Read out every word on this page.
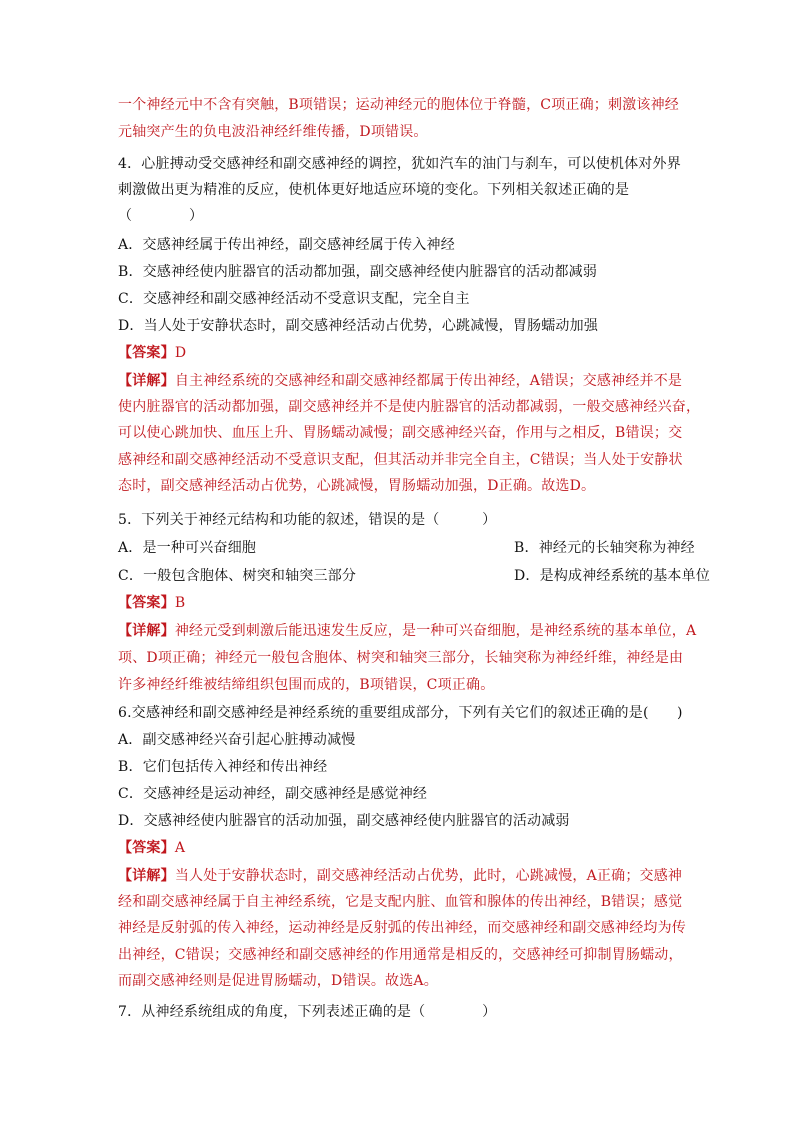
一个神经元中不含有突触，B项错误；运动神经元的胞体位于脊髓，C项正确；刺激该神经
元轴突产生的负电波沿神经纤维传播，D项错误。
4．心脏搏动受交感神经和副交感神经的调控，犹如汽车的油门与刹车，可以使机体对外界
刺激做出更为精准的反应，使机体更好地适应环境的变化。下列相关叙述正确的是
（　　　　）
A．交感神经属于传出神经，副交感神经属于传入神经
B．交感神经使内脏器官的活动都加强，副交感神经使内脏器官的活动都减弱
C．交感神经和副交感神经活动不受意识支配，完全自主
D．当人处于安静状态时，副交感神经活动占优势，心跳减慢，胃肠蠕动加强
【答案】D
【详解】自主神经系统的交感神经和副交感神经都属于传出神经，A错误；交感神经并不是
使内脏器官的活动都加强，副交感神经并不是使内脏器官的活动都减弱，一般交感神经兴奋，
可以使心跳加快、血压上升、胃肠蠕动减慢；副交感神经兴奋，作用与之相反，B错误；交
感神经和副交感神经活动不受意识支配，但其活动并非完全自主，C错误；当人处于安静状
态时，副交感神经活动占优势，心跳减慢，胃肠蠕动加强，D正确。故选D。
5．下列关于神经元结构和功能的叙述，错误的是（　　　）
A．是一种可兴奋细胞	B．神经元的长轴突称为神经
C．一般包含胞体、树突和轴突三部分	D．是构成神经系统的基本单位
【答案】B
【详解】神经元受到刺激后能迅速发生反应，是一种可兴奋细胞，是神经系统的基本单位，A
项、D项正确；神经元一般包含胞体、树突和轴突三部分，长轴突称为神经纤维，神经是由
许多神经纤维被结缔组织包围而成的，B项错误，C项正确。
6.交感神经和副交感神经是神经系统的重要组成部分，下列有关它们的叙述正确的是(　　)
A．副交感神经兴奋引起心脏搏动减慢
B．它们包括传入神经和传出神经
C．交感神经是运动神经，副交感神经是感觉神经
D．交感神经使内脏器官的活动加强，副交感神经使内脏器官的活动减弱
【答案】A
【详解】当人处于安静状态时，副交感神经活动占优势，此时，心跳减慢，A正确；交感神
经和副交感神经属于自主神经系统，它是支配内脏、血管和腺体的传出神经，B错误；感觉
神经是反射弧的传入神经，运动神经是反射弧的传出神经，而交感神经和副交感神经均为传
出神经，C错误；交感神经和副交感神经的作用通常是相反的，交感神经可抑制胃肠蠕动，
而副交感神经则是促进胃肠蠕动，D错误。故选A。
7．从神经系统组成的角度，下列表述正确的是（　　　　）
